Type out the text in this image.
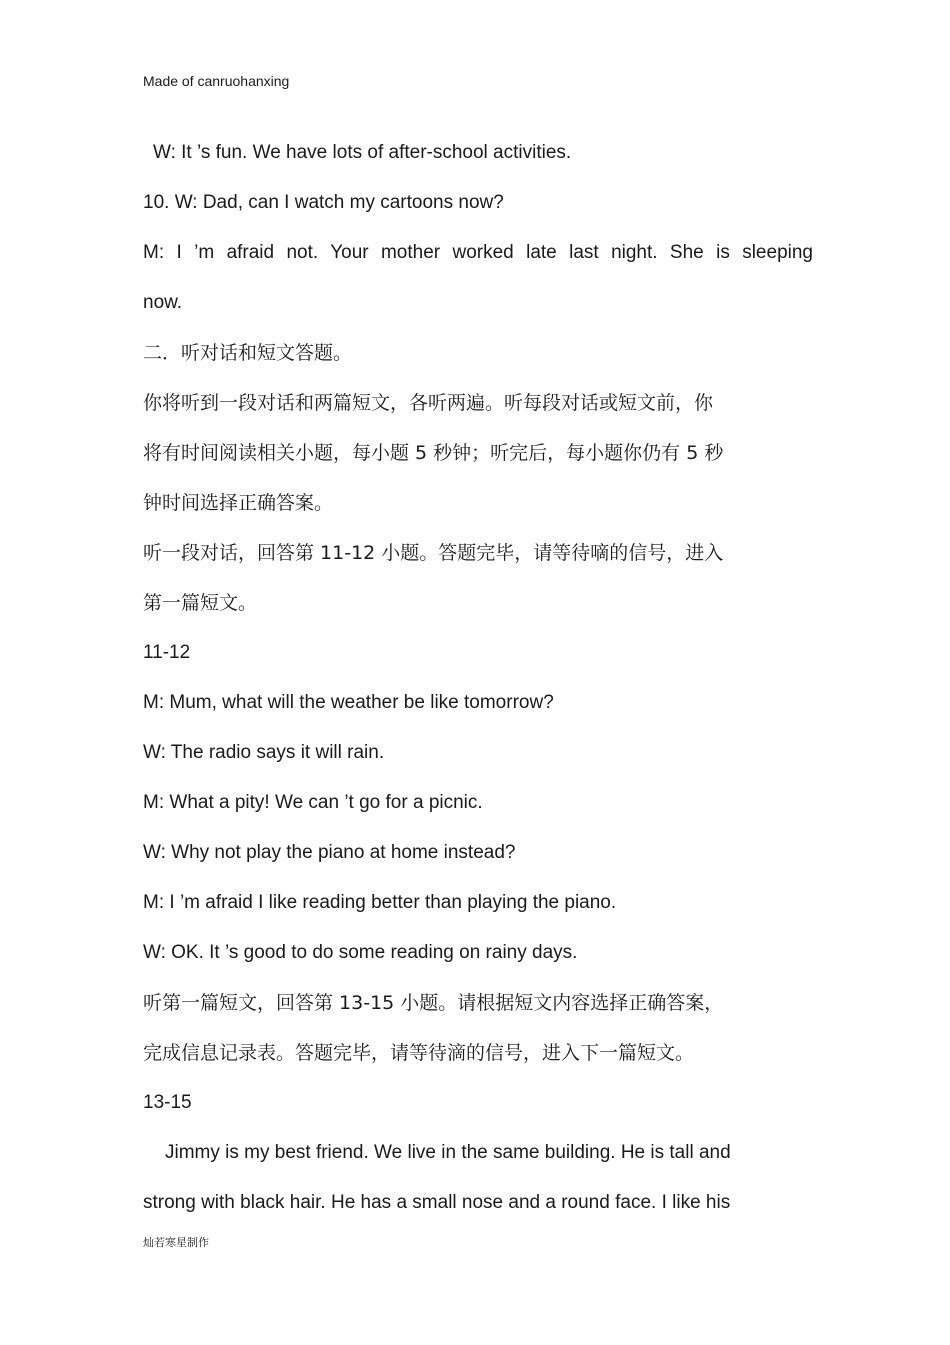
Made of canruohanxing
W: It ’s fun. We have lots of after-school activities.
10. W: Dad, can I watch my cartoons now?
M: I ’m afraid not. Your mother worked late last night. She is sleeping
now.
二．听对话和短文答题。
你将听到一段对话和两篇短文，各听两遍。听每段对话或短文前，你
将有时间阅读相关小题，每小题 5 秒钟；听完后，每小题你仍有 5 秒
钟时间选择正确答案。
听一段对话，回答第 11-12 小题。答题完毕，请等待嘀的信号，进入
第一篇短文。
11-12
M: Mum, what will the weather be like tomorrow?
W: The radio says it will rain.
M: What a pity! We can ’t go for a picnic.
W: Why not play the piano at home instead?
M: I ’m afraid I like reading better than playing the piano.
W: OK. It ’s good to do some reading on rainy days.
听第一篇短文，回答第 13-15 小题。请根据短文内容选择正确答案，
完成信息记录表。答题完毕，请等待滴的信号，进入下一篇短文。
13-15
Jimmy is my best friend. We live in the same building. He is tall and
strong with black hair. He has a small nose and a round face. I like his
灿若寒星制作
